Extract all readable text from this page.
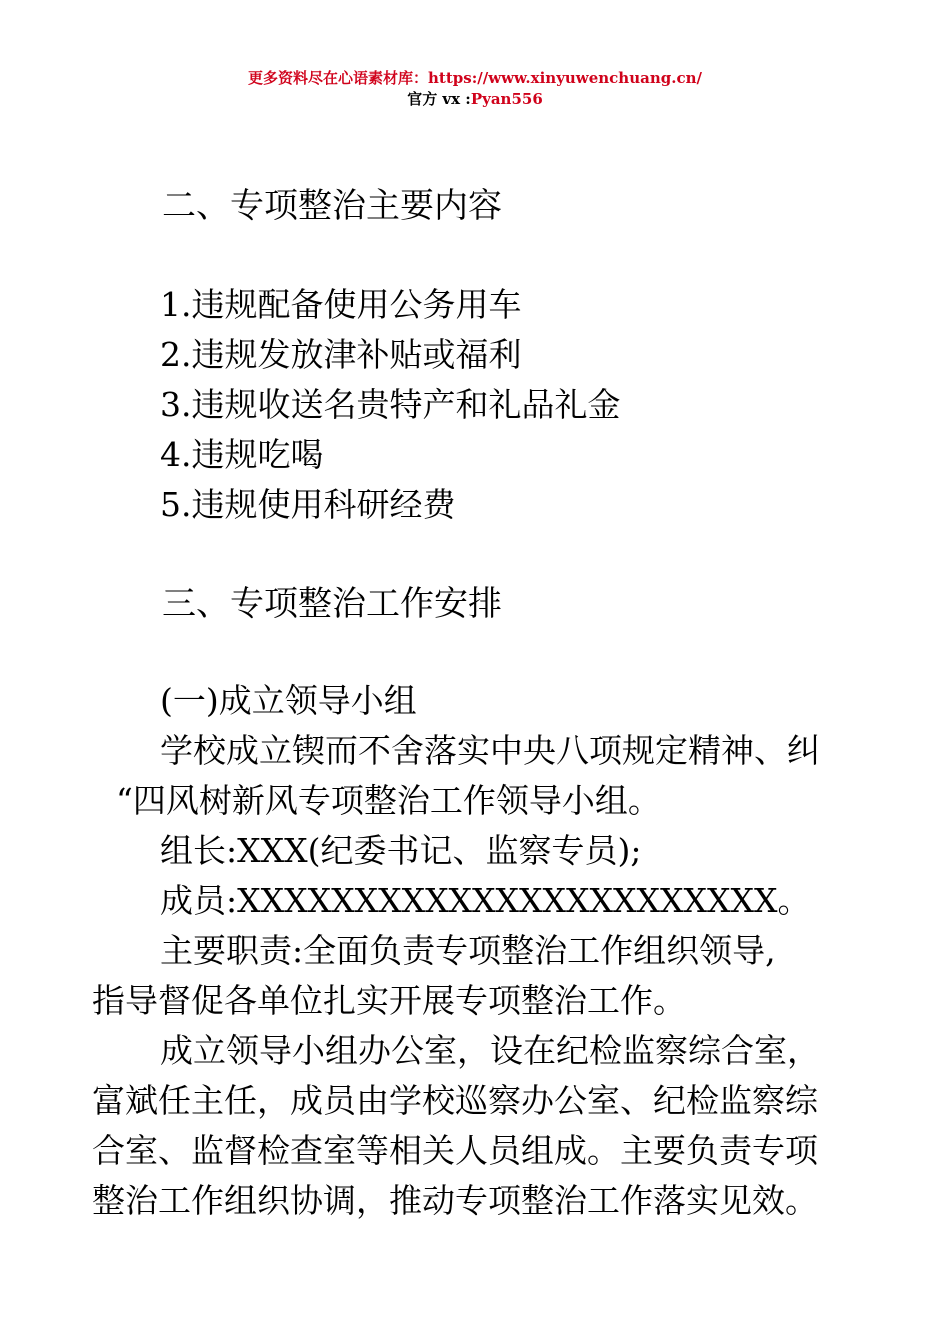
更多资料尽在心语素材库：https://www.xinyuwenchuang.cn/
官方 vx :Pyan556
二、专项整治主要内容
1.违规配备使用公务用车
2.违规发放津补贴或福利
3.违规收送名贵特产和礼品礼金
4.违规吃喝
5.违规使用科研经费
三、专项整治工作安排
(一)成立领导小组
学校成立锲而不舍落实中央八项规定精神、纠
“四风树新风专项整治工作领导小组。
组长:XXX(纪委书记、监察专员);
成员:XXXXXXXXXXXXXXXXXXXXXXX。
主要职责:全面负责专项整治工作组织领导,
指导督促各单位扎实开展专项整治工作。
成立领导小组办公室，设在纪检监察综合室，
富斌任主任，成员由学校巡察办公室、纪检监察综
合室、监督检查室等相关人员组成。主要负责专项
整治工作组织协调，推动专项整治工作落实见效。
